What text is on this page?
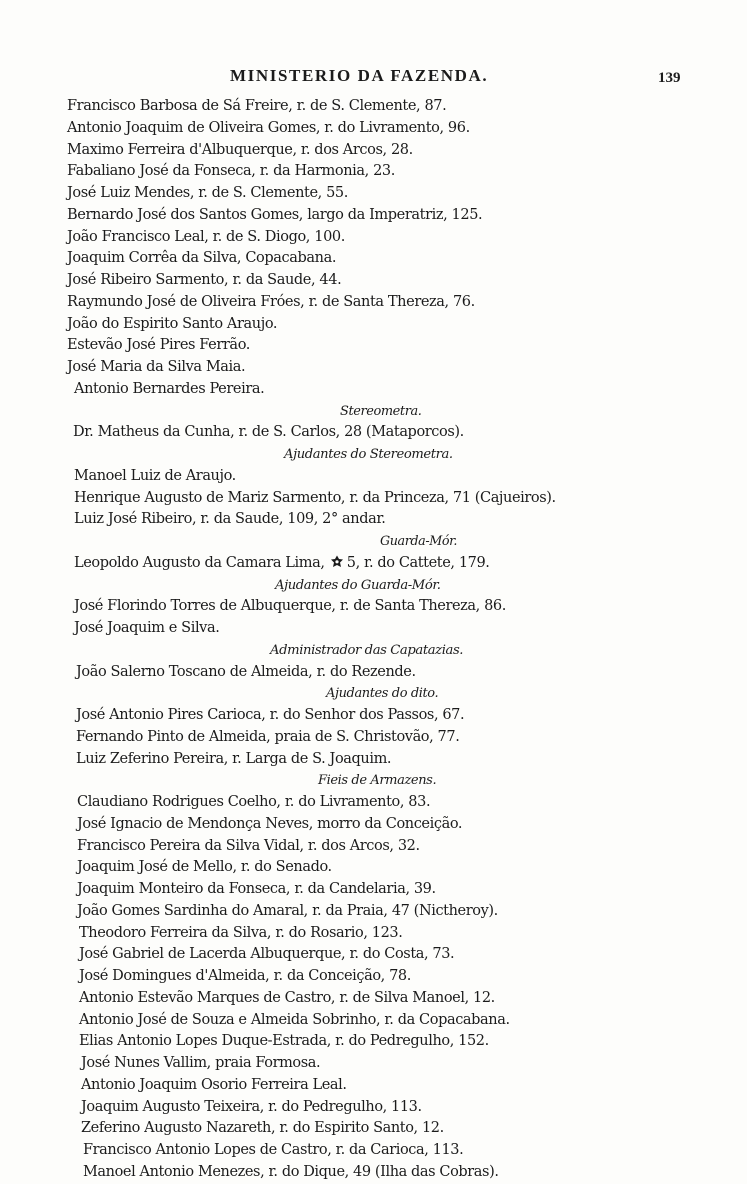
MINISTERIO DA FAZENDA.	139
Francisco Barbosa de Sá Freire, r. de S. Clemente, 87.
Antonio Joaquim de Oliveira Gomes, r. do Livramento, 96.
Maximo Ferreira d'Albuquerque, r. dos Arcos, 28.
Fabaliano José da Fonseca, r. da Harmonia, 23.
José Luiz Mendes, r. de S. Clemente, 55.
Bernardo José dos Santos Gomes, largo da Imperatriz, 125.
João Francisco Leal, r. de S. Diogo, 100.
Joaquim Corrêa da Silva, Copacabana.
José Ribeiro Sarmento, r. da Saude, 44.
Raymundo José de Oliveira Fróes, r. de Santa Thereza, 76.
João do Espirito Santo Araujo.
Estevão José Pires Ferrão.
José Maria da Silva Maia.
Antonio Bernardes Pereira.
Stereometra.
Dr. Matheus da Cunha, r. de S. Carlos, 28 (Mataporcos).
Ajudantes do Stereometra.
Manoel Luiz de Araujo.
Henrique Augusto de Mariz Sarmento, r. da Princeza, 71 (Cajueiros).
Luiz José Ribeiro, r. da Saude, 109, 2° andar.
Guarda-Mór.
Leopoldo Augusto da Camara Lima, 5, r. do Cattete, 179.
Ajudantes do Guarda-Mór.
José Florindo Torres de Albuquerque, r. de Santa Thereza, 86.
José Joaquim e Silva.
Administrador das Capatazias.
João Salerno Toscano de Almeida, r. do Rezende.
Ajudantes do dito.
José Antonio Pires Carioca, r. do Senhor dos Passos, 67.
Fernando Pinto de Almeida, praia de S. Christovão, 77.
Luiz Zeferino Pereira, r. Larga de S. Joaquim.
Fieis de Armazens.
Claudiano Rodrigues Coelho, r. do Livramento, 83.
José Ignacio de Mendonça Neves, morro da Conceição.
Francisco Pereira da Silva Vidal, r. dos Arcos, 32.
Joaquim José de Mello, r. do Senado.
Joaquim Monteiro da Fonseca, r. da Candelaria, 39.
João Gomes Sardinha do Amaral, r. da Praia, 47 (Nictheroy).
Theodoro Ferreira da Silva, r. do Rosario, 123.
José Gabriel de Lacerda Albuquerque, r. do Costa, 73.
José Domingues d'Almeida, r. da Conceição, 78.
Antonio Estevão Marques de Castro, r. de Silva Manoel, 12.
Antonio José de Souza e Almeida Sobrinho, r. da Copacabana.
Elias Antonio Lopes Duque-Estrada, r. do Pedregulho, 152.
José Nunes Vallim, praia Formosa.
Antonio Joaquim Osorio Ferreira Leal.
Joaquim Augusto Teixeira, r. do Pedregulho, 113.
Zeferino Augusto Nazareth, r. do Espirito Santo, 12.
Francisco Antonio Lopes de Castro, r. da Carioca, 113.
Manoel Antonio Menezes, r. do Dique, 49 (Ilha das Cobras).
